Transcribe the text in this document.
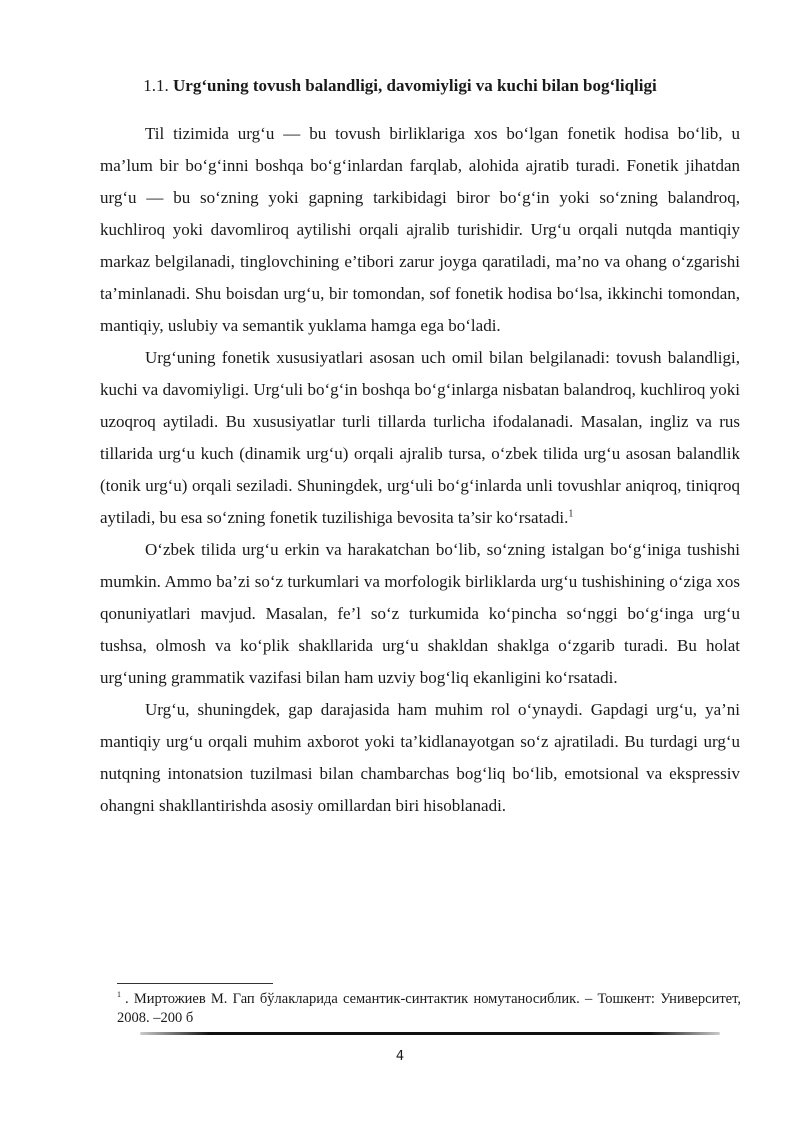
1.1. Urg‘uning tovush balandligi, davomiyligi va kuchi bilan bog‘liqligi

Til tizimida urg‘u — bu tovush birliklariga xos bo‘lgan fonetik hodisa bo‘lib, u ma’lum bir bo‘g‘inni boshqa bo‘g‘inlardan farqlab, alohida ajratib turadi. Fonetik jihatdan urg‘u — bu so‘zning yoki gapning tarkibidagi biror bo‘g‘in yoki so‘zning balandroq, kuchliroq yoki davomliroq aytilishi orqali ajralib turishidir. Urg‘u orqali nutqda mantiqiy markaz belgilanadi, tinglovchining e’tibori zarur joyga qaratiladi, ma’no va ohang o‘zgarishi ta’minlanadi. Shu boisdan urg‘u, bir tomondan, sof fonetik hodisa bo‘lsa, ikkinchi tomondan, mantiqiy, uslubiy va semantik yuklama hamga ega bo‘ladi.

Urg‘uning fonetik xususiyatlari asosan uch omil bilan belgilanadi: tovush balandligi, kuchi va davomiyligi. Urg‘uli bo‘g‘in boshqa bo‘g‘inlarga nisbatan balandroq, kuchliroq yoki uzoqroq aytiladi. Bu xususiyatlar turli tillarda turlicha ifodalanadi. Masalan, ingliz va rus tillarida urg‘u kuch (dinamik urg‘u) orqali ajralib tursa, o‘zbek tilida urg‘u asosan balandlik (tonik urg‘u) orqali seziladi. Shuningdek, urg‘uli bo‘g‘inlarda unli tovushlar aniqroq, tiniqroq aytiladi, bu esa so‘zning fonetik tuzilishiga bevosita ta’sir ko‘rsatadi.$^1$

O‘zbek tilida urg‘u erkin va harakatchan bo‘lib, so‘zning istalgan bo‘g‘iniga tushishi mumkin. Ammo ba’zi so‘z turkumlari va morfologik birliklarda urg‘u tushishining o‘ziga xos qonuniyatlari mavjud. Masalan, fe’l so‘z turkumida ko‘pincha so‘nggi bo‘g‘inga urg‘u tushsa, olmosh va ko‘plik shakllarida urg‘u shakldan shaklga o‘zgarib turadi. Bu holat urg‘uning grammatik vazifasi bilan ham uzviy bog‘liq ekanligini ko‘rsatadi.

Urg‘u, shuningdek, gap darajasida ham muhim rol o‘ynaydi. Gapdagi urg‘u, ya’ni mantiqiy urg‘u orqali muhim axborot yoki ta’kidlanayotgan so‘z ajratiladi. Bu turdagi urg‘u nutqning intonatsion tuzilmasi bilan chambarchas bog‘liq bo‘lib, emotsional va ekspressiv ohangni shakllantirishda asosiy omillardan biri hisoblanadi.

$^1$ . Миртожиев М. Гап бўлакларида семантик-синтактик номутаносиблик. – Тошкент: Университет, 2008. –200 б
4
